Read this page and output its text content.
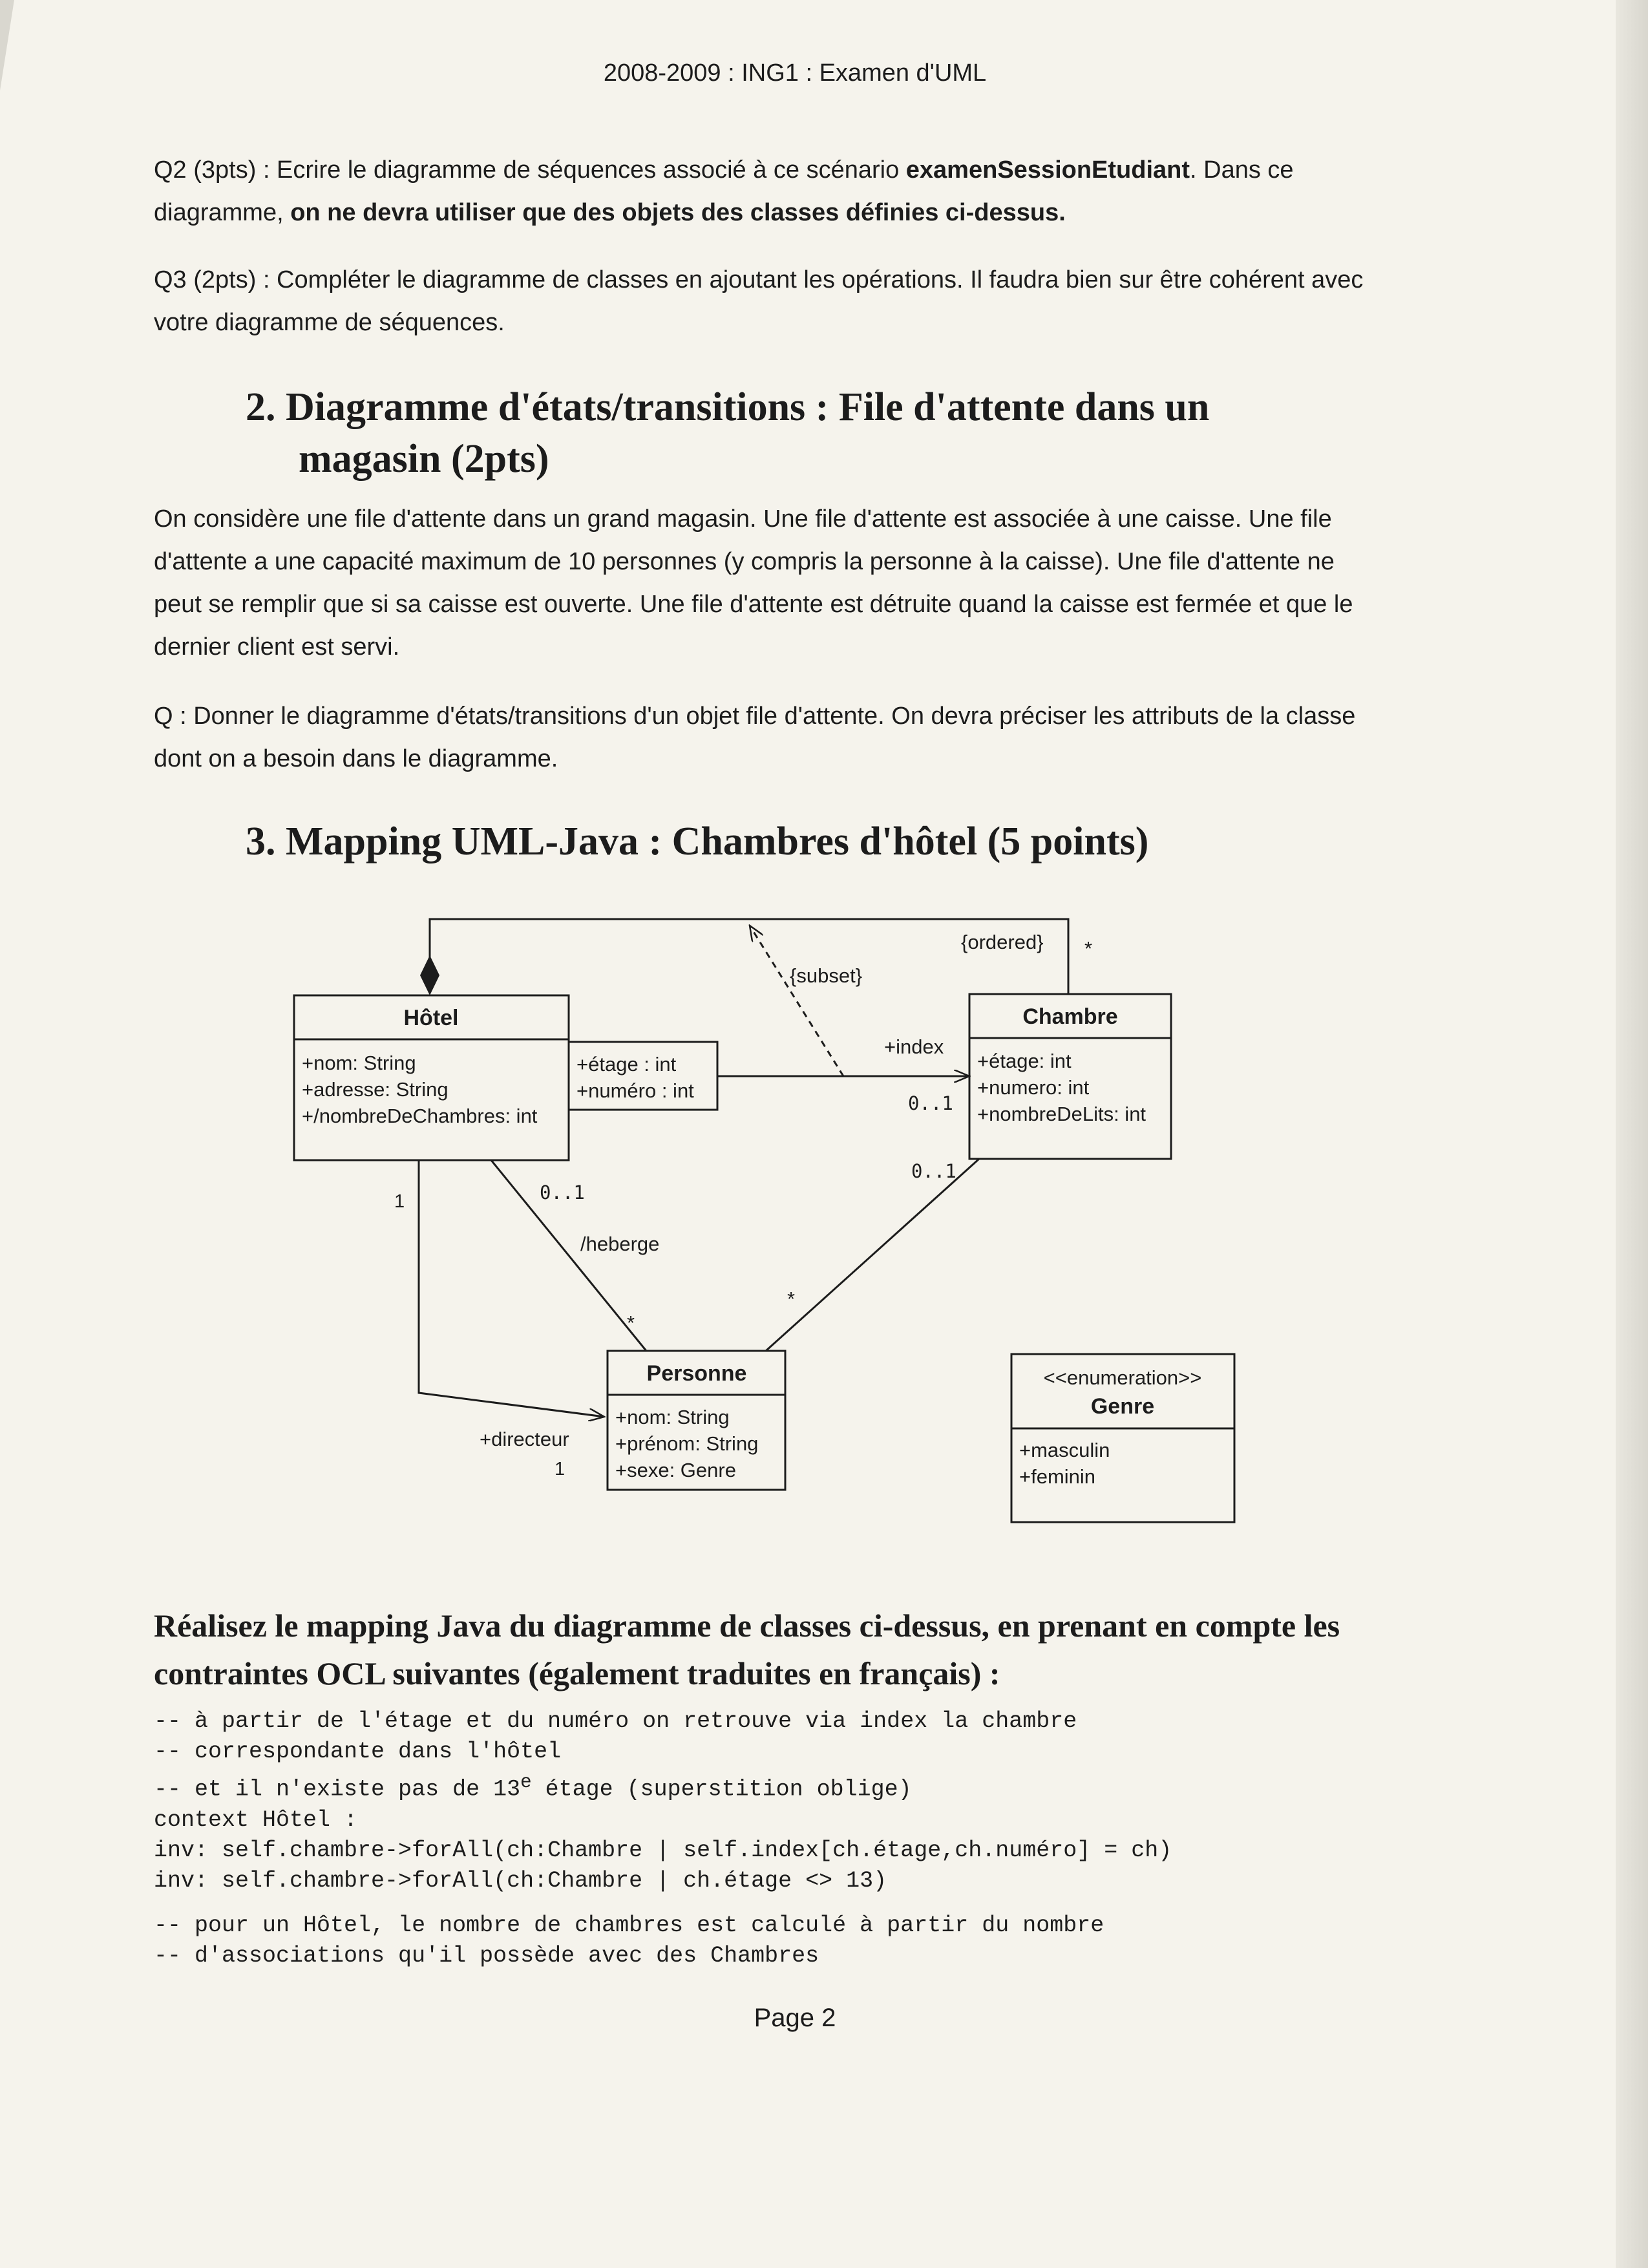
2008-2009 : ING1 : Examen d'UML

Q2 (3pts) : Ecrire le diagramme de séquences associé à ce scénario examenSessionEtudiant. Dans ce diagramme, on ne devra utiliser que des objets des classes définies ci-dessus.

Q3 (2pts) : Compléter le diagramme de classes en ajoutant les opérations. Il faudra bien sur être cohérent avec votre diagramme de séquences.

2. Diagramme d'états/transitions : File d'attente dans un
magasin (2pts)

On considère une file d'attente dans un grand magasin. Une file d'attente est associée à une caisse. Une file d'attente a une capacité maximum de 10 personnes (y compris la personne à la caisse). Une file d'attente ne peut se remplir que si sa caisse est ouverte. Une file d'attente est détruite quand la caisse est fermée et que le dernier client est servi.

Q : Donner le diagramme d'états/transitions d'un objet file d'attente. On devra préciser les attributs de la classe dont on a besoin dans le diagramme.

3. Mapping UML-Java : Chambres d'hôtel (5 points)
Hôtel
+nom: String
+adresse: String
+/nombreDeChambres: int
+étage : int
+numéro : int
Chambre
+étage: int
+numero: int
+nombreDeLits: int
Personne
+nom: String
+prénom: String
+sexe: Genre
<<enumeration>>
Genre
+masculin
+feminin
{ordered} *
{subset}
+index
0..1
0..1
*
0..1
/heberge
*
1
+directeur
1

Réalisez le mapping Java du diagramme de classes ci-dessus, en prenant en compte les contraintes OCL suivantes (également traduites en français) :

-- à partir de l'étage et du numéro on retrouve via index la chambre
-- correspondante dans l'hôtel
-- et il n'existe pas de 13e étage (superstition oblige)
context Hôtel :
inv: self.chambre->forAll(ch:Chambre | self.index[ch.étage,ch.numéro] = ch)
inv: self.chambre->forAll(ch:Chambre | ch.étage <> 13)

-- pour un Hôtel, le nombre de chambres est calculé à partir du nombre
-- d'associations qu'il possède avec des Chambres
Page 2
